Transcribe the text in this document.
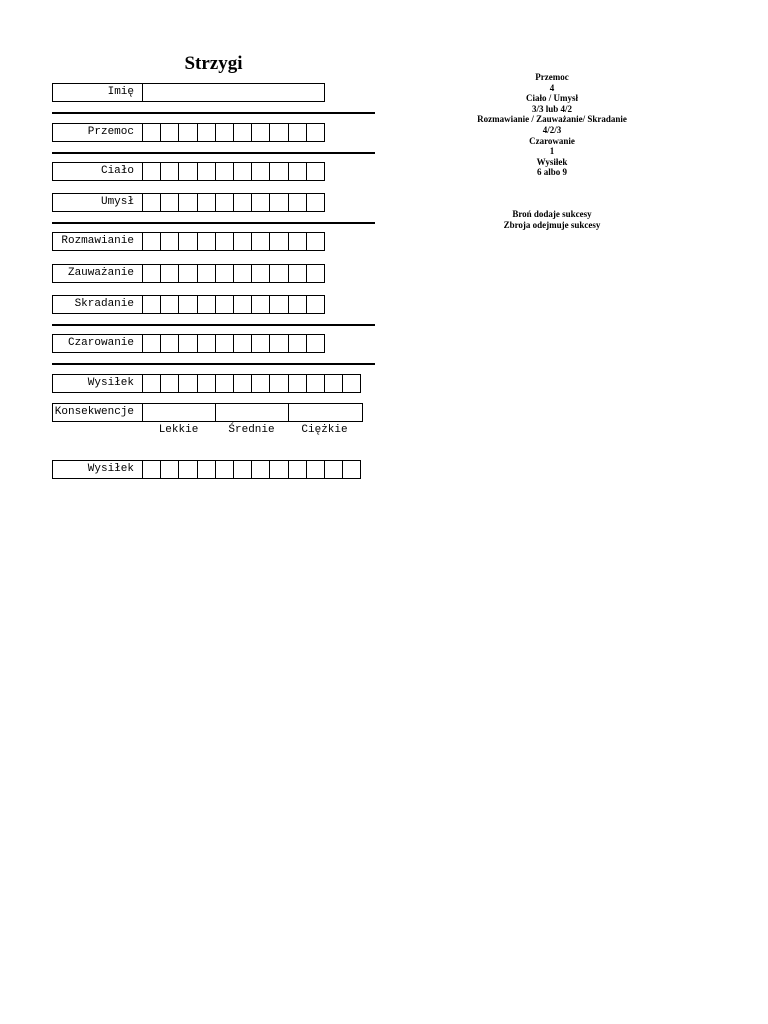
Strzygi
Imię
Przemoc
Ciało
Umysł
Rozmawianie
Zauważanie
Skradanie
Czarowanie
Wysiłek
Konsekwencje
Lekkie	Średnie	Ciężkie
Wysiłek
Przemoc
4
Ciało / Umysł
3/3 lub 4/2
Rozmawianie / Zauważanie/ Skradanie
4/2/3
Czarowanie
1
Wysiłek
6 albo 9
Broń dodaje sukcesy
Zbroja odejmuje sukcesy
